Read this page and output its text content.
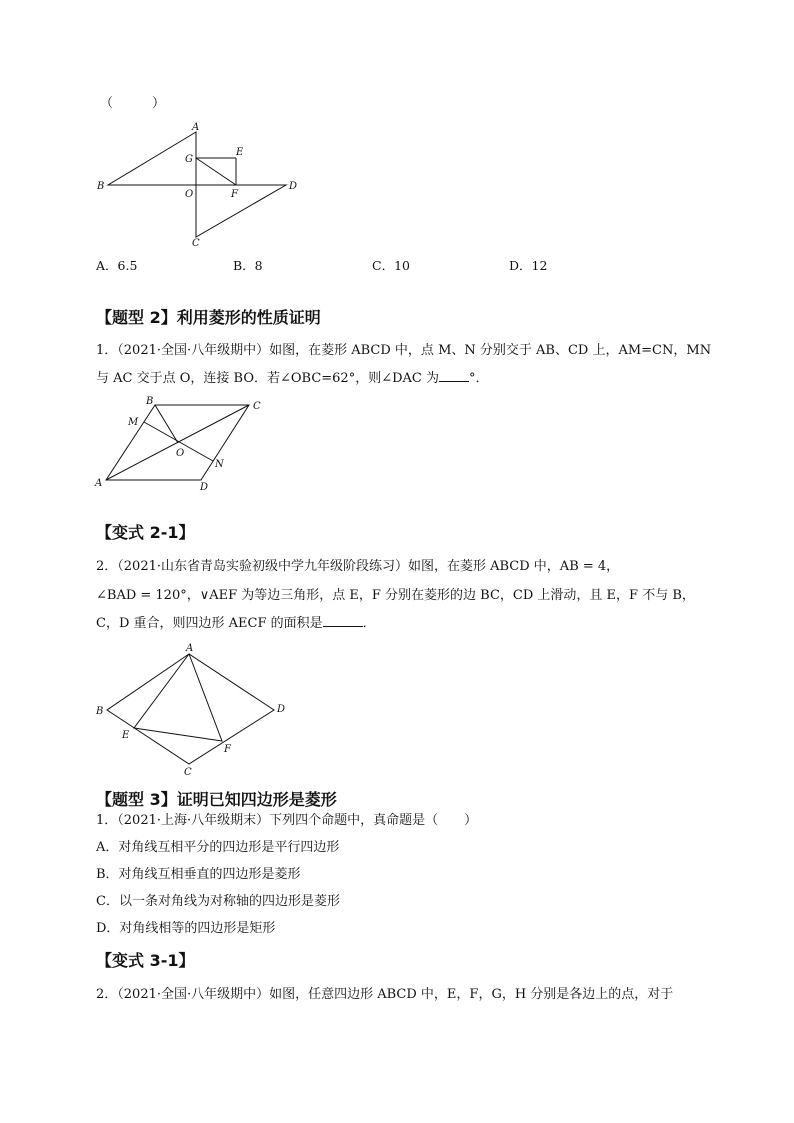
（　　　）
A
B
C
D
O
G
E
F
A．6.5	B．8	C．10	D．12
【题型 2】利用菱形的性质证明
1．（2021·全国·八年级期中）如图，在菱形 ABCD 中，点 M、N 分别交于 AB、CD 上，AM=CN，MN
与 AC 交于点 O，连接 BO．若∠OBC=62°，则∠DAC 为 °．
B	C
M
O
N
A	D
【变式 2-1】
2．（2021·山东省青岛实验初级中学九年级阶段练习）如图，在菱形 ABCD 中，AB = 4，
∠BAD = 120°，∨AEF 为等边三角形，点 E，F 分别在菱形的边 BC，CD 上滑动，且 E，F 不与 B，
C，D 重合，则四边形 AECF 的面积是	．
A
B	D
E
F
C
【题型 3】证明已知四边形是菱形
1．（2021·上海·八年级期末）下列四个命题中，真命题是（　　）
A．对角线互相平分的四边形是平行四边形
B．对角线互相垂直的四边形是菱形
C．以一条对角线为对称轴的四边形是菱形
D．对角线相等的四边形是矩形
【变式 3-1】
2．（2021·全国·八年级期中）如图，任意四边形 ABCD 中，E，F，G，H 分别是各边上的点，对于
